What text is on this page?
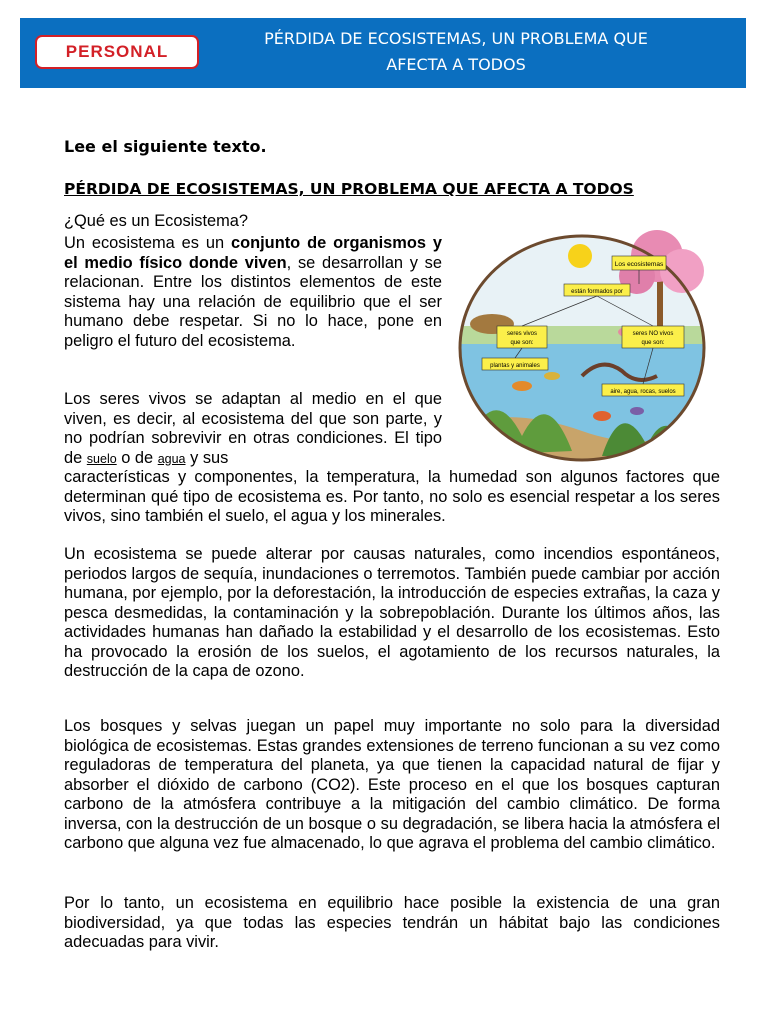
PERSONAL
PÉRDIDA DE ECOSISTEMAS, UN PROBLEMA QUE
AFECTA A TODOS
Lee el siguiente texto.
PÉRDIDA DE ECOSISTEMAS, UN PROBLEMA QUE AFECTA A TODOS
¿Qué es un Ecosistema?
Un ecosistema es un conjunto de organismos y el medio físico donde viven, se desarrollan y se relacionan. Entre los distintos elementos de este sistema hay una relación de equilibrio que el ser humano debe respetar. Si no lo hace, pone en peligro el futuro del ecosistema.
Los seres vivos se adaptan al medio en el que viven, es decir, al ecosistema del que son parte, y no podrían sobrevivir en otras condiciones. El tipo de suelo o de agua y sus
características y componentes, la temperatura, la humedad son algunos factores que determinan qué tipo de ecosistema es. Por tanto, no solo es esencial respetar a los seres vivos, sino también el suelo, el agua y los minerales.
Un ecosistema se puede alterar por causas naturales, como incendios espontáneos, periodos largos de sequía, inundaciones o terremotos. También puede cambiar por acción humana, por ejemplo, por la deforestación, la introducción de especies extrañas, la caza y pesca desmedidas, la contaminación y la sobrepoblación. Durante los últimos años, las actividades humanas han dañado la estabilidad y el desarrollo de los ecosistemas. Esto ha provocado la erosión de los suelos, el agotamiento de los recursos naturales, la destrucción de la capa de ozono.
Los bosques y selvas juegan un papel muy importante no solo para la diversidad biológica de ecosistemas. Estas grandes extensiones de terreno funcionan a su vez como reguladoras de temperatura del planeta, ya que tienen la capacidad natural de fijar y absorber el dióxido de carbono (CO2). Este proceso en el que los bosques capturan carbono de la atmósfera contribuye a la mitigación del cambio climático. De forma inversa, con la destrucción de un bosque o su degradación, se libera hacia la atmósfera el carbono que alguna vez fue almacenado, lo que agrava el problema del cambio climático.
Por lo tanto, un ecosistema en equilibrio hace posible la existencia de una gran biodiversidad, ya que todas las especies tendrán un hábitat bajo las condiciones adecuadas para vivir.
Los ecosistemas
están formados por
seres vivos
que son:
seres NO vivos
que son:
plantas y animales
aire, agua, rocas, suelos
